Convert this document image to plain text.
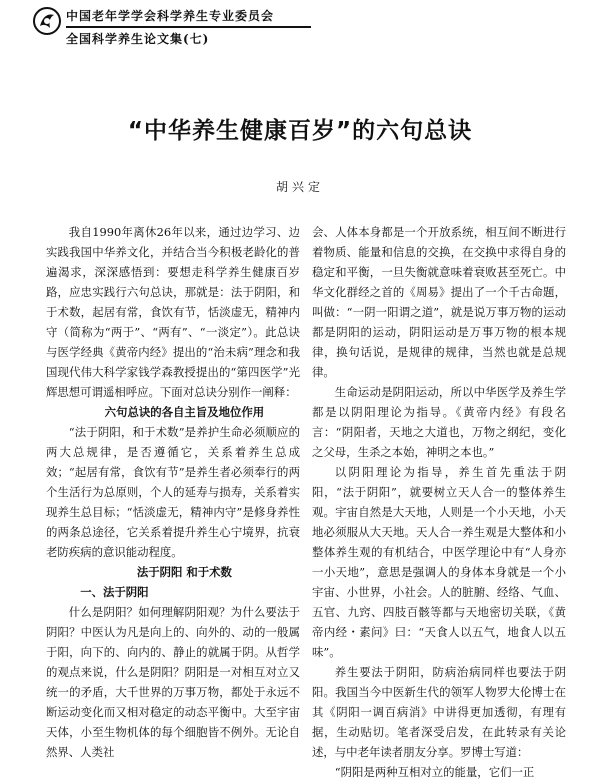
中国老年学学会科学养生专业委员会
全国科学养生论文集(七)
“中华养生健康百岁”的六句总诀
胡兴定

我自1990年离休26年以来，通过边学习、边实践我国中华养文化，并结合当今积极老龄化的普遍渴求，深深感悟到：要想走科学养生健康百岁路，应忠实践行六句总诀，那就是：法于阴阳，和于术数，起居有常，食饮有节，恬淡虚无，精神内守（简称为“两于”、“两有”、“一淡定”）。此总诀与医学经典《黄帝内经》提出的“治未病”理念和我国现代伟大科学家钱学森教授提出的“第四医学”光辉思想可谓遥相呼应。下面对总诀分别作一阐释：

六句总诀的各自主旨及地位作用

“法于阴阳，和于术数”是养护生命必须顺应的两大总规律，是否遵循它，关系着养生总成效；“起居有常，食饮有节”是养生者必须奉行的两个生活行为总原则，个人的延寿与损寿，关系着实现养生总目标；“恬淡虚无，精神内守”是修身养性的两条总途径，它关系着提升养生心宁境界，抗衰老防疾病的意识能动程度。

法于阴阳 和于术数

一、法于阴阳

什么是阴阳？如何理解阴阳观？为什么要法于阴阳？中医认为凡是向上的、向外的、动的一般属于阳，向下的、向内的、静止的就属于阴。从哲学的观点来说，什么是阴阳？阴阳是一对相互对立又统一的矛盾，大千世界的万事万物，都处于永远不断运动变化而又相对稳定的动态平衡中。大至宇宙天体，小至生物机体的每个细胞皆不例外。无论自然界、人类社

会、人体本身都是一个开放系统，相互间不断进行着物质、能量和信息的交换，在交换中求得自身的稳定和平衡，一旦失衡就意味着衰败甚至死亡。中华文化群经之首的《周易》提出了一个千古命题，叫做：“一阴一阳谓之道”，就是说万事万物的运动都是阴阳的运动，阴阳运动是万事万物的根本规律，换句话说，是规律的规律，当然也就是总规律。

生命运动是阴阳运动，所以中华医学及养生学都是以阴阳理论为指导。《黄帝内经》有段名言：“阴阳者，天地之大道也，万物之纲纪，变化之父母，生杀之本始，神明之本也。”

以阴阳理论为指导，养生首先重法于阴阳，“法于阴阳”，就要树立天人合一的整体养生观。宇宙自然是大天地，人则是一个小天地，小天地必须服从大天地。天人合一养生观是大整体和小整体养生观的有机结合，中医学理论中有“人身亦一小天地”，意思是强调人的身体本身就是一个小宇宙、小世界，小社会。人的脏腑、经络、气血、五官、九窍、四肢百骸等都与天地密切关联，《黄帝内经・素问》曰：“天食人以五气，地食人以五味”。

养生要法于阴阳，防病治病同样也要法于阴阳。我国当今中医新生代的领军人物罗大伦博士在其《阴阳一调百病消》中讲得更加透彻，有理有据，生动贴切。笔者深受启发，在此转录有关论述，与中老年读者朋友分享。罗博士写道：

“阴阳是两种互相对立的能量，它们一正
